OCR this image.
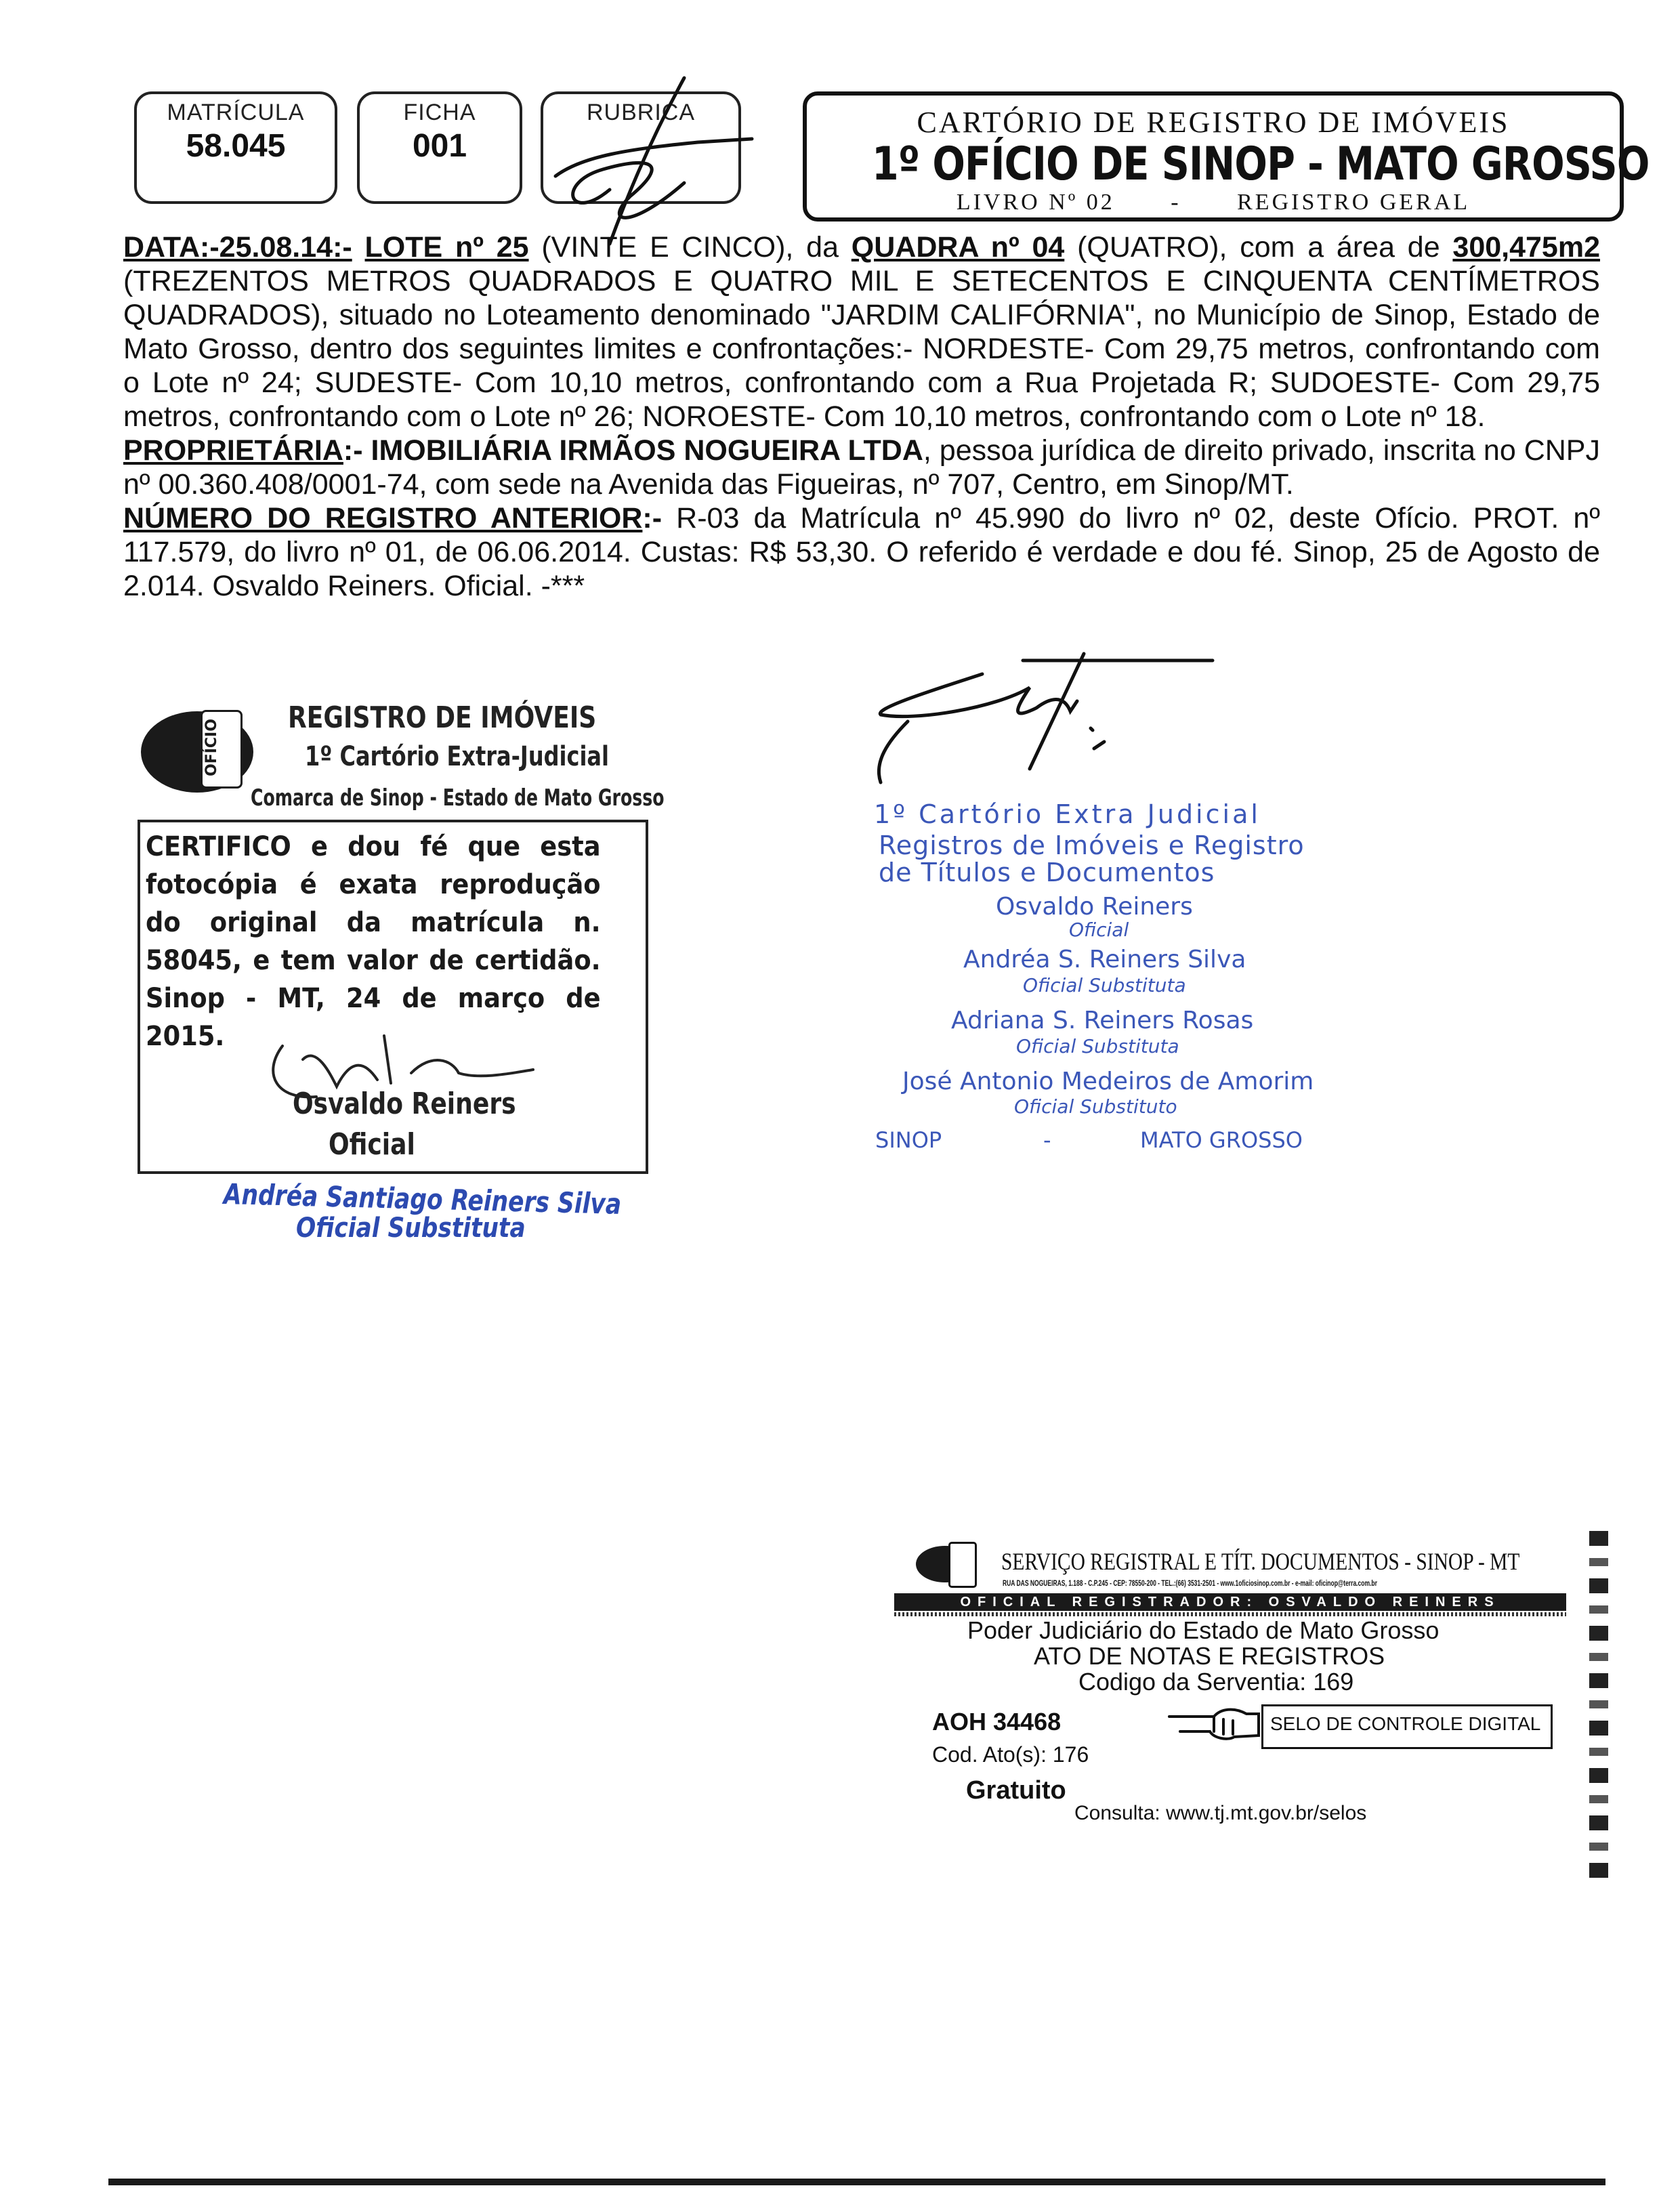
MATRÍCULA
58.045
FICHA
001
RUBRICA	CARTÓRIO DE REGISTRO DE IMÓVEIS
1º OFÍCIO DE SINOP - MATO GROSSO
LIVRO Nº 02 - REGISTRO GERAL

DATA:-25.08.14:- LOTE nº 25 (VINTE E CINCO), da QUADRA nº 04 (QUATRO), com a área de 300,475m2 (TREZENTOS METROS QUADRADOS E QUATRO MIL E SETECENTOS E CINQUENTA CENTÍMETROS QUADRADOS), situado no Loteamento denominado "JARDIM CALIFÓRNIA", no Município de Sinop, Estado de Mato Grosso, dentro dos seguintes limites e confrontações:- NORDESTE- Com 29,75 metros, confrontando com o Lote nº 24; SUDESTE- Com 10,10 metros, confrontando com a Rua Projetada R; SUDOESTE- Com 29,75 metros, confrontando com o Lote nº 26; NOROESTE- Com 10,10 metros, confrontando com o Lote nº 18.

PROPRIETÁRIA:- IMOBILIÁRIA IRMÃOS NOGUEIRA LTDA, pessoa jurídica de direito privado, inscrita no CNPJ nº 00.360.408/0001-74, com sede na Avenida das Figueiras, nº 707, Centro, em Sinop/MT.

NÚMERO DO REGISTRO ANTERIOR:- R-03 da Matrícula nº 45.990 do livro nº 02, deste Ofício. PROT. nº 117.579, do livro nº 01, de 06.06.2014. Custas: R$ 53,30. O referido é verdade e dou fé. Sinop, 25 de Agosto de 2.014. Osvaldo Reiners. Oficial. -***

OFÍCIO
REGISTRO DE IMÓVEIS
1º Cartório Extra-Judicial
Comarca de Sinop - Estado de Mato Grosso
CERTIFICO e dou fé que esta fotocópia é exata reprodução do original da matrícula n. 58045, e tem valor de certidão. Sinop - MT, 24 de março de 2015.
Osvaldo Reiners
Oficial
Andréa Santiago Reiners Silva
Oficial Substituta
1º Cartório Extra Judicial
Registros de Imóveis e Registro
de Títulos e Documentos
Osvaldo Reiners
Oficial
Andréa S. Reiners Silva
Oficial Substituta
Adriana S. Reiners Rosas
Oficial Substituta
José Antonio Medeiros de Amorim
Oficial Substituto
SINOP	-	MATO GROSSO
SERVIÇO REGISTRAL E TÍT. DOCUMENTOS - SINOP - MT
RUA DAS NOGUEIRAS, 1.188 - C.P.245 - CEP: 78550-200 - TEL.:(66) 3531-2501 - www.1oficiosinop.com.br - e-mail: oficinop@terra.com.br
OFICIAL REGISTRADOR: OSVALDO REINERS
Poder Judiciário do Estado de Mato Grosso
ATO DE NOTAS E REGISTROS
Codigo da Serventia: 169
AOH 34468	SELO DE CONTROLE DIGITAL
Cod. Ato(s): 176
Gratuito
Consulta: www.tj.mt.gov.br/selos
